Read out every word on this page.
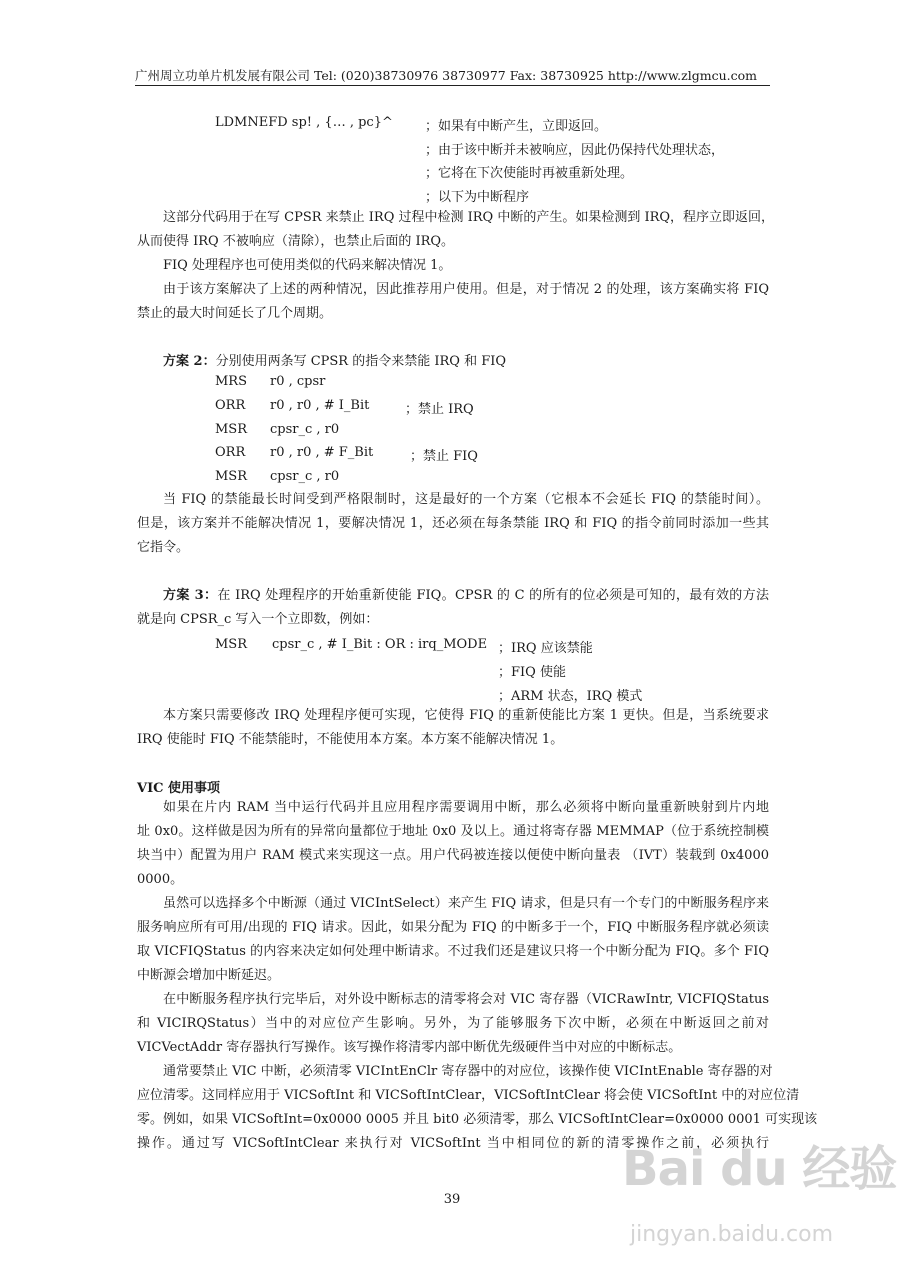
广州周立功单片机发展有限公司 Tel: (020)38730976 38730977 Fax: 38730925 http://www.zlgmcu.com
LDMNEFD sp! , {… , pc}^ ；如果有中断产生，立即返回。
；由于该中断并未被响应，因此仍保持代处理状态，
；它将在下次使能时再被重新处理。
；以下为中断程序
这部分代码用于在写 CPSR 来禁止 IRQ 过程中检测 IRQ 中断的产生。如果检测到 IRQ，程序立即返回，
从而使得 IRQ 不被响应（清除），也禁止后面的 IRQ。
FIQ 处理程序也可使用类似的代码来解决情况 1。
由于该方案解决了上述的两种情况，因此推荐用户使用。但是，对于情况 2 的处理，该方案确实将 FIQ
禁止的最大时间延长了几个周期。
方案 2：分别使用两条写 CPSR 的指令来禁能 IRQ 和 FIQ
MRS r0 , cpsr
ORR r0 , r0 , # I_Bit	；禁止 IRQ
MSR cpsr_c , r0
ORR r0 , r0 , # F_Bit	；禁止 FIQ
MSR cpsr_c , r0
当 FIQ 的禁能最长时间受到严格限制时，这是最好的一个方案（它根本不会延长 FIQ 的禁能时间）。
但是，该方案并不能解决情况 1，要解决情况 1，还必须在每条禁能 IRQ 和 FIQ 的指令前同时添加一些其
它指令。
方案 3：在 IRQ 处理程序的开始重新使能 FIQ。CPSR 的 C 的所有的位必须是可知的，最有效的方法
就是向 CPSR_c 写入一个立即数，例如：
MSR cpsr_c , # I_Bit : OR : irq_MODE ；IRQ 应该禁能
；FIQ 使能
；ARM 状态，IRQ 模式
本方案只需要修改 IRQ 处理程序便可实现，它使得 FIQ 的重新使能比方案 1 更快。但是，当系统要求
IRQ 使能时 FIQ 不能禁能时，不能使用本方案。本方案不能解决情况 1。
VIC 使用事项
如果在片内 RAM 当中运行代码并且应用程序需要调用中断，那么必须将中断向量重新映射到片内地
址 0x0。这样做是因为所有的异常向量都位于地址 0x0 及以上。通过将寄存器 MEMMAP（位于系统控制模
块当中）配置为用户 RAM 模式来实现这一点。用户代码被连接以便使中断向量表 （IVT）装载到 0x4000
0000。
虽然可以选择多个中断源（通过 VICIntSelect）来产生 FIQ 请求，但是只有一个专门的中断服务程序来
服务响应所有可用/出现的 FIQ 请求。因此，如果分配为 FIQ 的中断多于一个，FIQ 中断服务程序就必须读
取 VICFIQStatus 的内容来决定如何处理中断请求。不过我们还是建议只将一个中断分配为 FIQ。多个 FIQ
中断源会增加中断延迟。
在中断服务程序执行完毕后，对外设中断标志的清零将会对 VIC 寄存器（VICRawIntr, VICFIQStatus
和 VICIRQStatus）当中的对应位产生影响。另外，为了能够服务下次中断，必须在中断返回之前对
VICVectAddr 寄存器执行写操作。该写操作将清零内部中断优先级硬件当中对应的中断标志。
通常要禁止 VIC 中断，必须清零 VICIntEnClr 寄存器中的对应位，该操作使 VICIntEnable 寄存器的对
应位清零。这同样应用于 VICSoftInt 和 VICSoftIntClear，VICSoftIntClear 将会使 VICSoftInt 中的对应位清
零。例如，如果 VICSoftInt=0x0000 0005 并且 bit0 必须清零，那么 VICSoftIntClear=0x0000 0001 可实现该
操作。通过写 VICSoftIntClear 来执行对 VICSoftInt 当中相同位的新的清零操作之前，必须执行
39
Bai du 经验
jingyan.baidu.com
